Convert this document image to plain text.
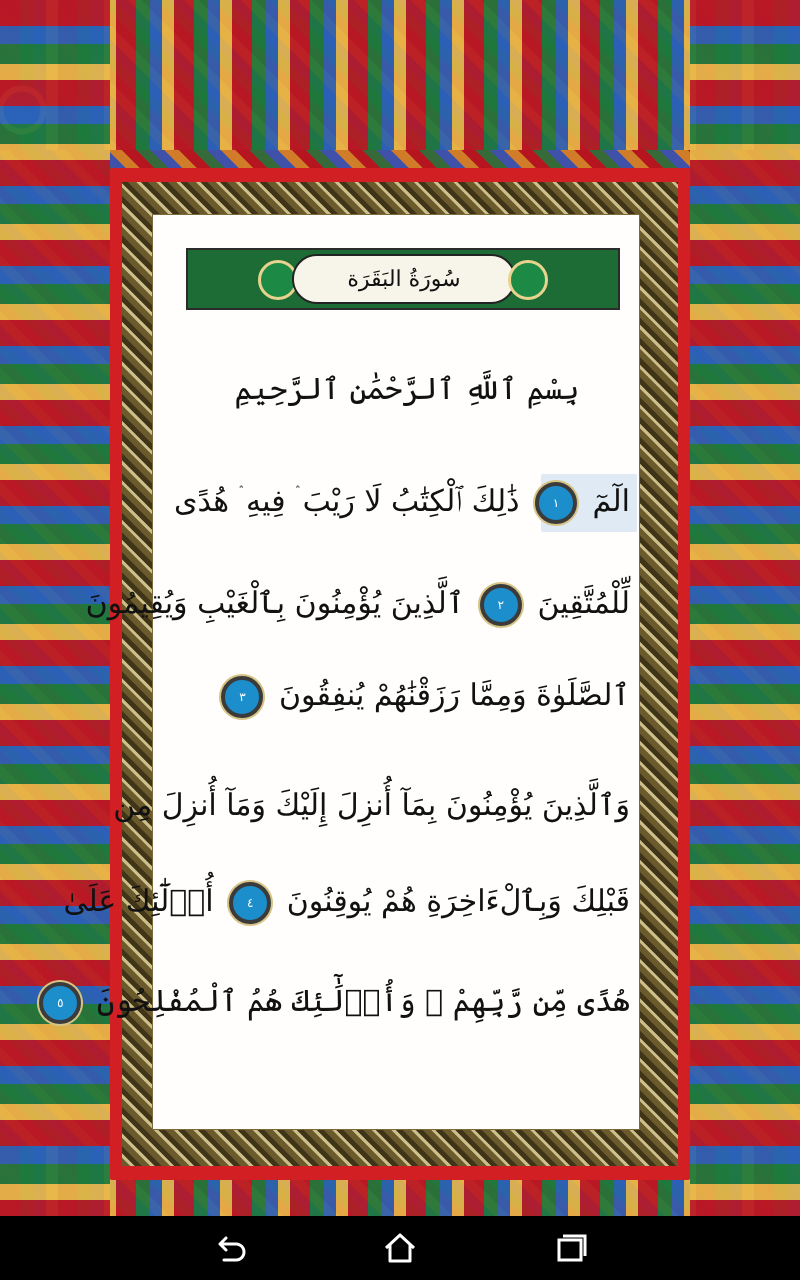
سُورَةُ البَقَرَة
بِسْمِ ٱللَّهِ ٱلرَّحْمَٰنِ ٱلرَّحِيمِ
الٓمٓ
١
ذَٰلِكَ ٱلْكِتَٰبُ لَا رَيْبَ ۛ فِيهِ ۛ هُدًى
لِّلْمُتَّقِينَ
٢
ٱلَّذِينَ يُؤْمِنُونَ بِٱلْغَيْبِ وَيُقِيمُونَ
ٱلصَّلَوٰةَ وَمِمَّا رَزَقْنَٰهُمْ يُنفِقُونَ
٣
وَٱلَّذِينَ يُؤْمِنُونَ بِمَآ أُنزِلَ إِلَيْكَ وَمَآ أُنزِلَ مِن
قَبْلِكَ وَبِٱلْءَاخِرَةِ هُمْ يُوقِنُونَ
٤
أُو۟لَٰٓئِكَ عَلَىٰ
هُدًى مِّن رَّبِّهِمْ ۖ وَأُو۟لَٰٓئِكَ هُمُ ٱلْمُفْلِحُونَ
٥
